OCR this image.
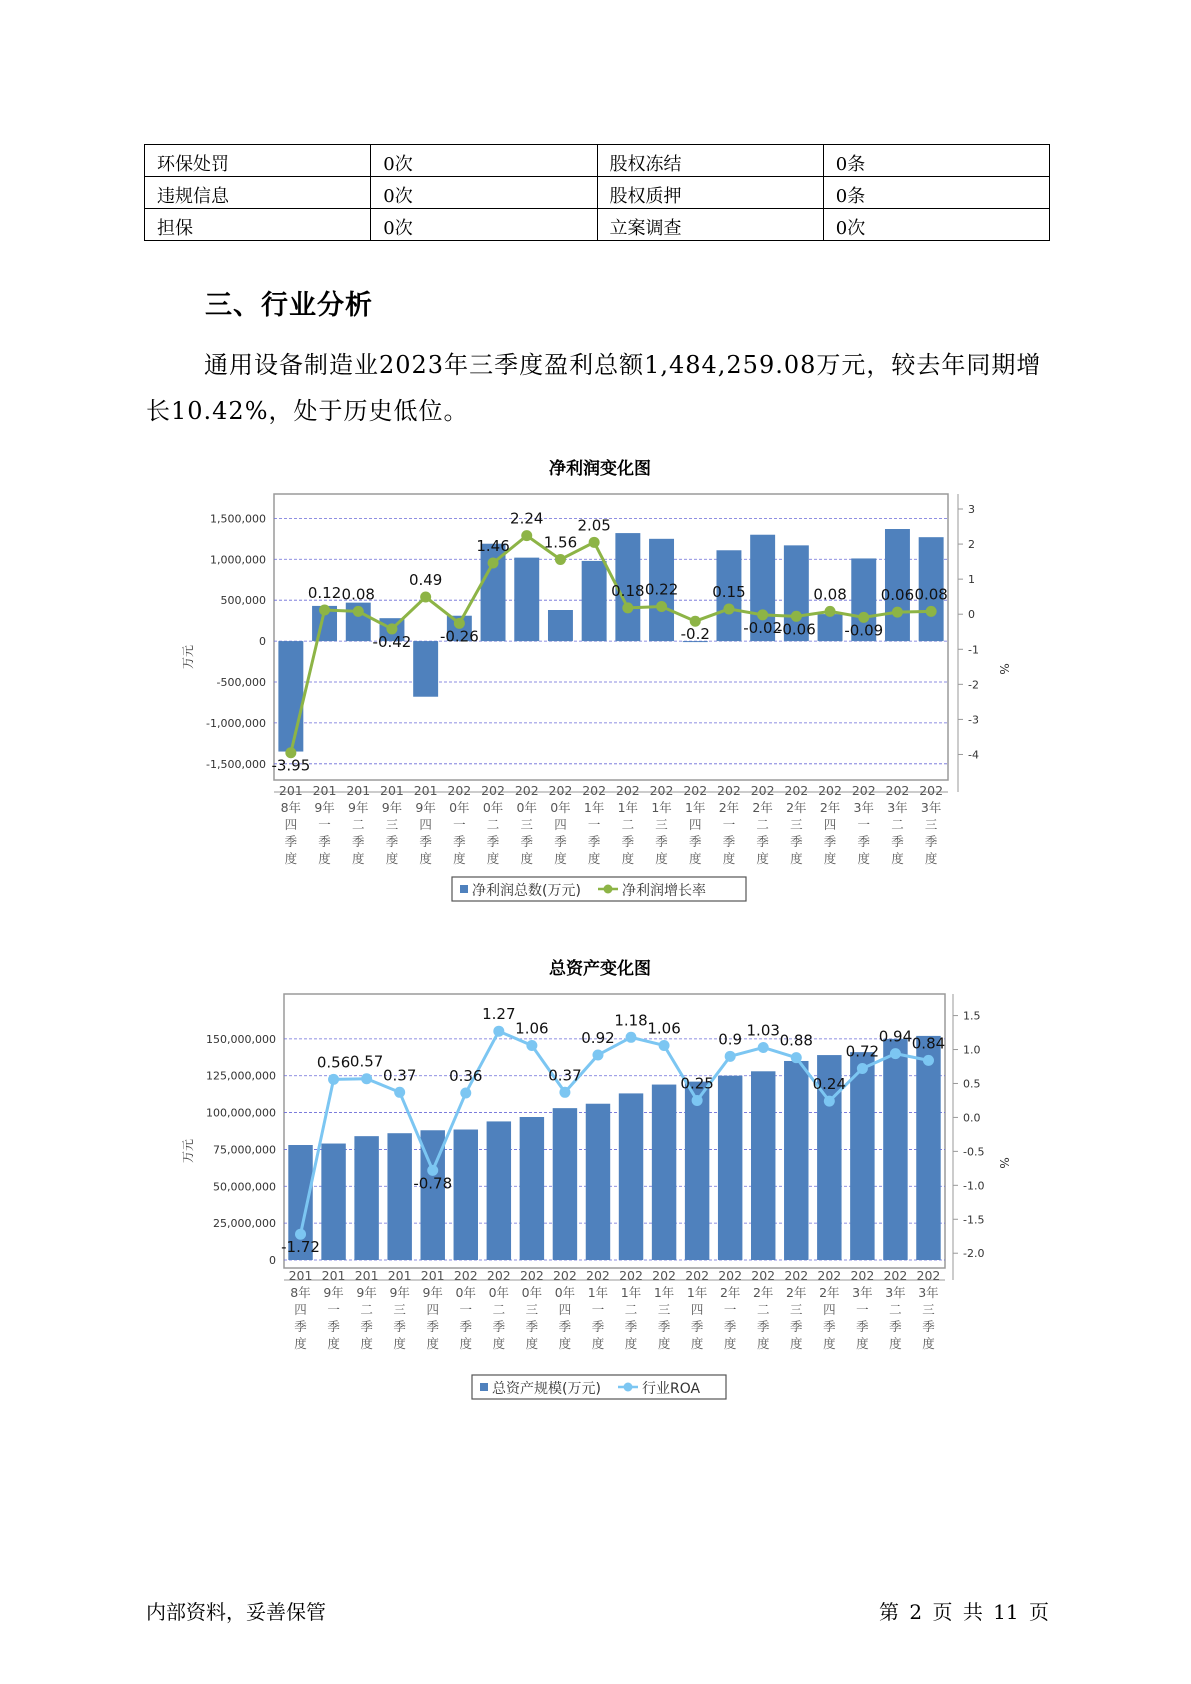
环保处罚	0次	股权冻结	0条
违规信息	0次	股权质押	0条
担保	0次	立案调查	0次
三、行业分析
通用设备制造业2023年三季度盈利总额1,484,259.08万元，较去年同期增长10.42%，处于历史低位。
净利润变化图
-1,500,000
-1,000,000
-500,000
0
500,000
1,000,000
1,500,000
-4
-3
-2
-1
0
1
2
3
万元	%
-3.95
0.12 0.08
-0.42
0.49
-0.26
1.46
2.24
1.56
2.05
0.18 0.22
-0.2
0.15
-0.02
-0.06
0.08
-0.09
0.06 0.08
201 8年四季度
201 9年一季度
201 9年二季度
201 9年三季度
201 9年四季度
202 0年一季度
202 0年二季度
202 0年三季度
202 0年四季度
202 1年一季度
202 1年二季度
202 1年三季度
202 1年四季度
202 2年一季度
202 2年二季度
202 2年三季度
202 2年四季度
202 3年一季度
202 3年二季度
202 3年三季度
净利润总数(万元)	净利润增长率
总资产变化图
0
25,000,000
50,000,000
75,000,000
100,000,000
125,000,000
150,000,000
-2.0
-1.5
-1.0
-0.5
0.0
0.5
1.0
1.5
万元	%
-1.72
0.56 0.57
0.37
-0.78
0.36
1.27
1.06
0.37
0.92
1.18 1.06
0.25
0.9 1.03
0.88
0.24
0.72
0.94 0.84
201 8年四季度
201 9年一季度
201 9年二季度
201 9年三季度
201 9年四季度
202 0年一季度
202 0年二季度
202 0年三季度
202 0年四季度
202 1年一季度
202 1年二季度
202 1年三季度
202 1年四季度
202 2年一季度
202 2年二季度
202 2年三季度
202 2年四季度
202 3年一季度
202 3年二季度
202 3年三季度
总资产规模(万元)	行业ROA
内部资料，妥善保管	第 2 页 共 11 页
